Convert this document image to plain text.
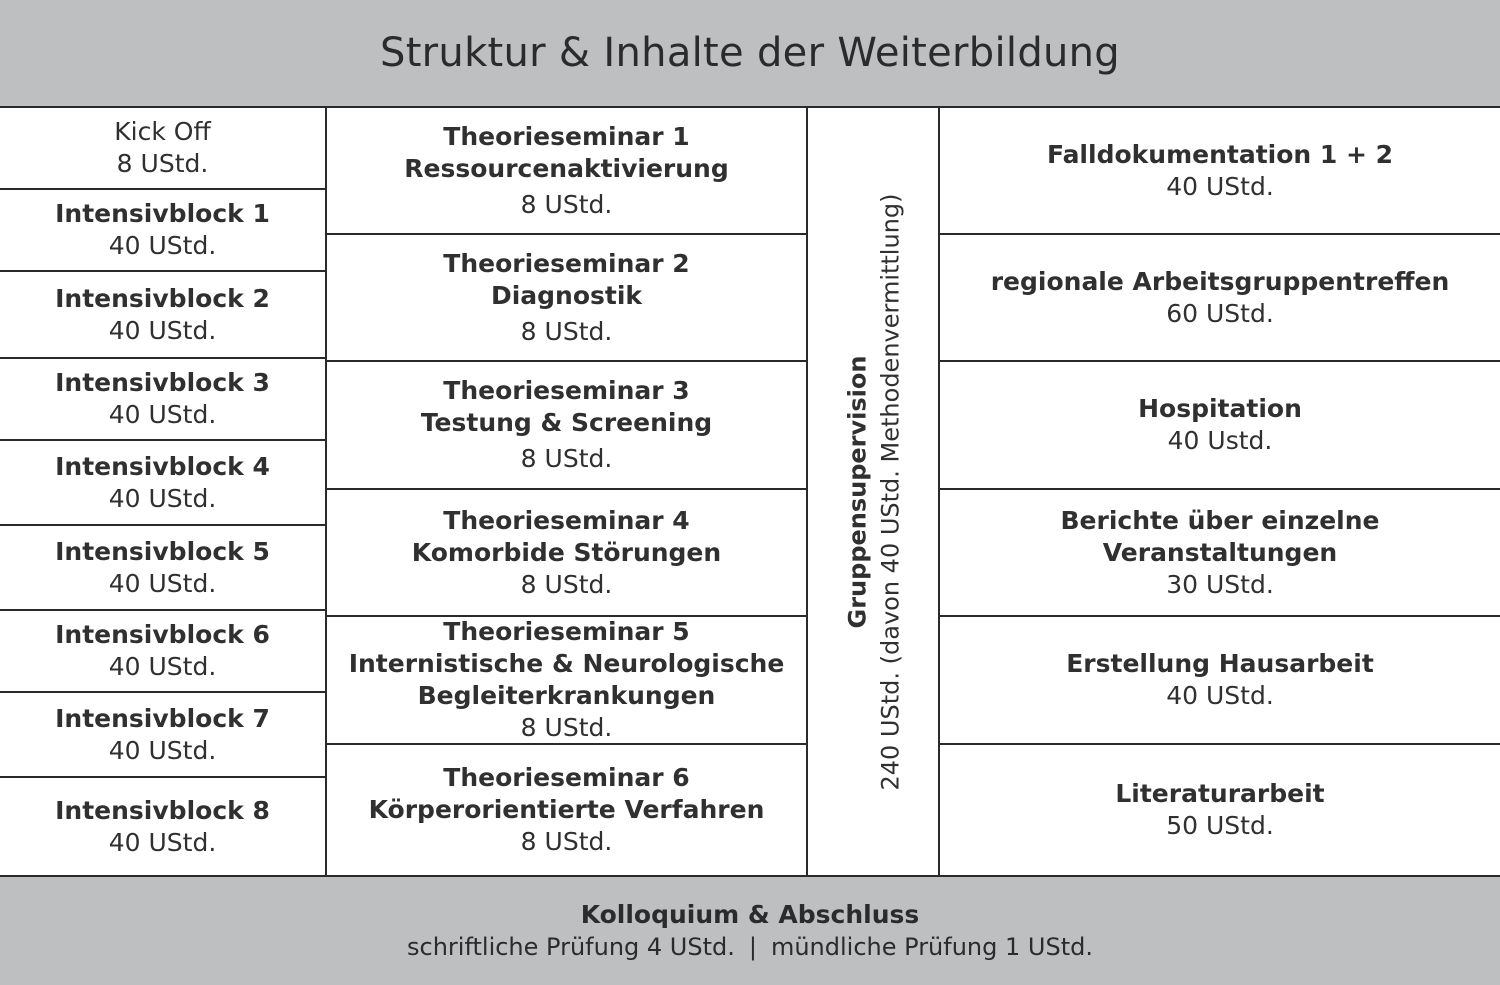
Struktur & Inhalte der Weiterbildung
Kick Off
8 UStd.
Intensivblock 1
40 UStd.
Intensivblock 2
40 UStd.
Intensivblock 3
40 UStd.
Intensivblock 4
40 UStd.
Intensivblock 5
40 UStd.
Intensivblock 6
40 UStd.
Intensivblock 7
40 UStd.
Intensivblock 8
40 UStd.
Theorieseminar 1
Ressourcenaktivierung
8 UStd.
Theorieseminar 2
Diagnostik
8 UStd.
Theorieseminar 3
Testung & Screening
8 UStd.
Theorieseminar 4
Komorbide Störungen
8 UStd.
Theorieseminar 5
Internistische & Neurologische
Begleiterkrankungen
8 UStd.
Theorieseminar 6
Körperorientierte Verfahren
8 UStd.
Gruppensupervision 240 UStd. (davon 40 UStd. Methodenvermittlung)
Falldokumentation 1 + 2
40 UStd.
regionale Arbeitsgruppentreffen
60 UStd.
Hospitation
40 Ustd.
Berichte über einzelne Veranstaltungen
30 UStd.
Erstellung Hausarbeit
40 UStd.
Literaturarbeit
50 UStd.
Kolloquium & Abschluss
schriftliche Prüfung 4 UStd. | mündliche Prüfung 1 UStd.
